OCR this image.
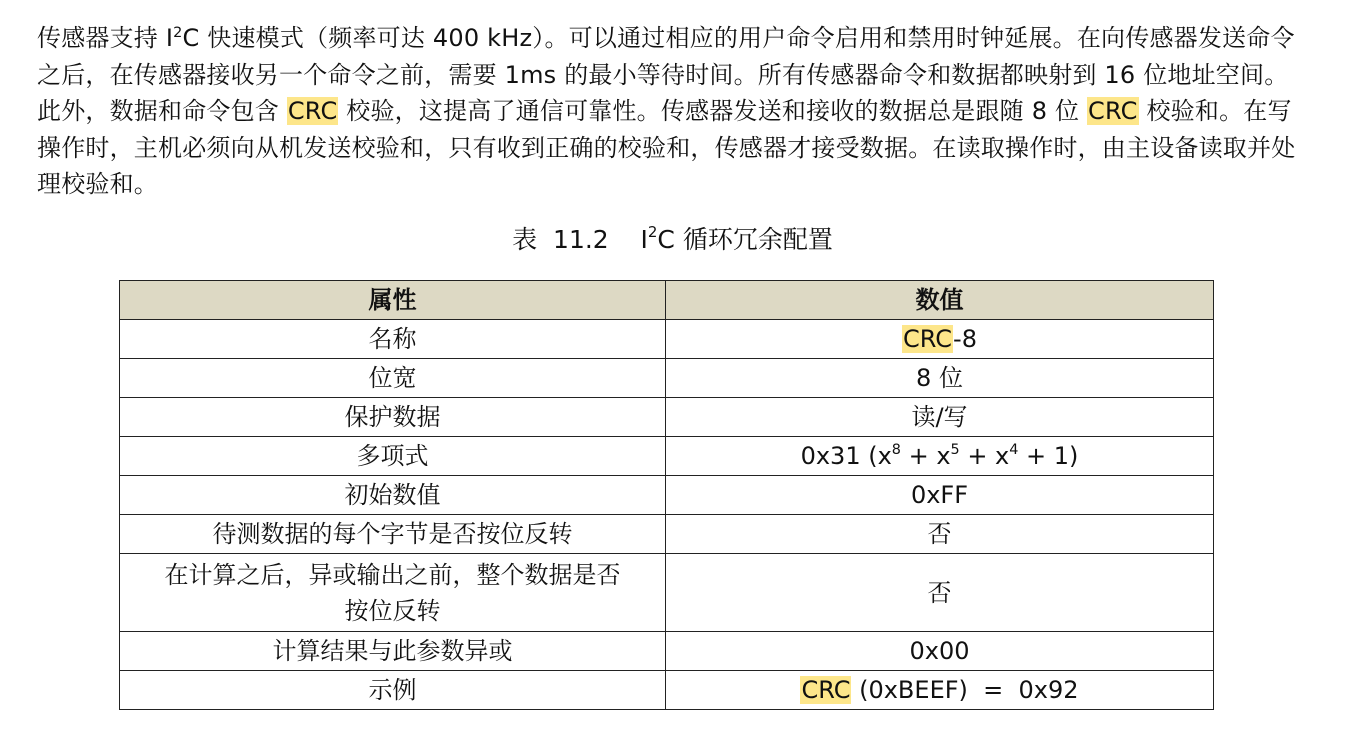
传感器支持 $I^2C$ 快速模式（频率可达 400 kHz）。可以通过相应的用户命令启用和禁用时钟延展。在向传感器发送命令之后，在传感器接收另一个命令之前，需要 1ms 的最小等待时间。所有传感器命令和数据都映射到 16 位地址空间。此外，数据和命令包含 CRC 校验，这提高了通信可靠性。传感器发送和接收的数据总是跟随 8 位 CRC 校验和。在写操作时，主机必须向从机发送校验和，只有收到正确的校验和，传感器才接受数据。在读取操作时，由主设备读取并处理校验和。

表  11.2    $I^2C$ 循环冗余配置
属性	数值
名称	CRC-8
位宽	8 位
保护数据	读/写
多项式	0x31 $(x^8 + x^5 + x^4 + 1)$
初始数值	0xFF
待测数据的每个字节是否按位反转	否
在计算之后，异或输出之前，整个数据是否
按位反转	否
计算结果与此参数异或	0x00
示例	CRC (0xBEEF)  =  0x92
